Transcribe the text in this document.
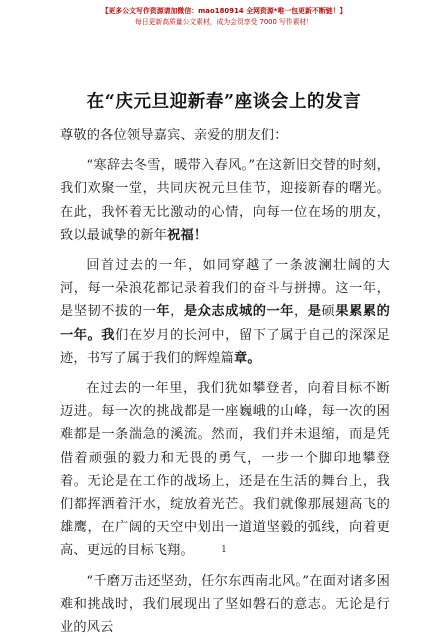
【更多公文写作资源请加微信：mao180914 全网资源*唯一包更新不断链！】
每日更新高质量公文素材，成为会员享受 7000 写作素材！
在“庆元旦迎新春”座谈会上的发言

尊敬的各位领导嘉宾、亲爱的朋友们：

“寒辞去冬雪，暖带入春风。”在这新旧交替的时刻，我们欢聚一堂，共同庆祝元旦佳节，迎接新春的曙光。在此，我怀着无比激动的心情，向每一位在场的朋友，致以最诚挚的新年祝福！

回首过去的一年，如同穿越了一条波澜壮阔的大河，每一朵浪花都记录着我们的奋斗与拼搏。这一年，是坚韧不拔的一年，是众志成城的一年，是硕果累累的一年。我们在岁月的长河中，留下了属于自己的深深足迹，书写了属于我们的辉煌篇章。

在过去的一年里，我们犹如攀登者，向着目标不断迈进。每一次的挑战都是一座巍峨的山峰，每一次的困难都是一条湍急的溪流。然而，我们并未退缩，而是凭借着顽强的毅力和无畏的勇气，一步一个脚印地攀登着。无论是在工作的战场上，还是在生活的舞台上，我们都挥洒着汗水，绽放着光芒。我们就像那展翅高飞的雄鹰，在广阔的天空中划出一道道坚毅的弧线，向着更高、更远的目标飞翔。

“千磨万击还坚劲，任尔东西南北风。”在面对诸多困难和挑战时，我们展现出了坚如磐石的意志。无论是行业的风云

1
